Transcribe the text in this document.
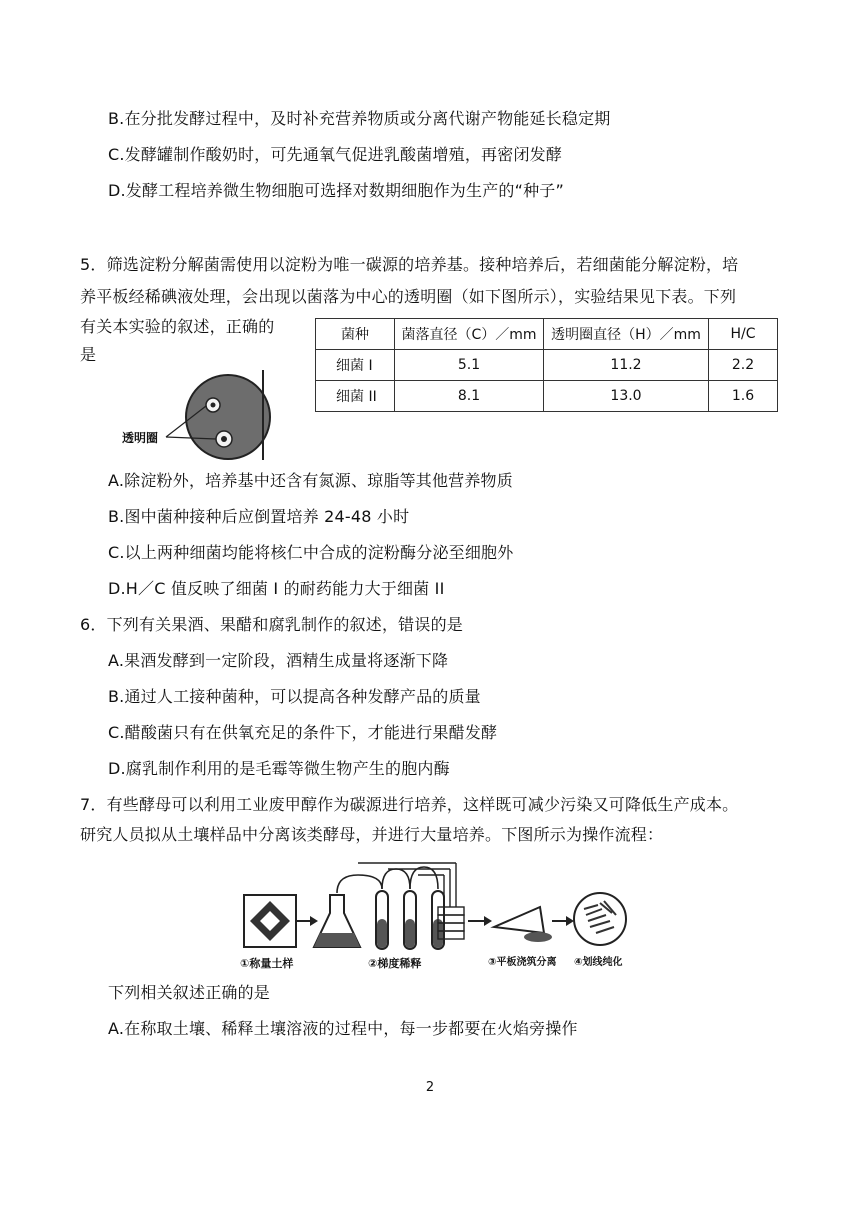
B.在分批发酵过程中，及时补充营养物质或分离代谢产物能延长稳定期
C.发酵罐制作酸奶时，可先通氧气促进乳酸菌增殖，再密闭发酵
D.发酵工程培养微生物细胞可选择对数期细胞作为生产的“种子”
5．筛选淀粉分解菌需使用以淀粉为唯一碳源的培养基。接种培养后，若细菌能分解淀粉，培
养平板经稀碘液处理，会出现以菌落为中心的透明圈（如下图所示），实验结果见下表。下列
有关本实验的叙述，正确的
是
透明圈
菌种	菌落直径（C）／mm	透明圈直径（H）／mm	H/C
细菌 I	5.1	11.2	2.2
细菌 II	8.1	13.0	1.6
A.除淀粉外，培养基中还含有氮源、琼脂等其他营养物质
B.图中菌种接种后应倒置培养 24-48 小时
C.以上两种细菌均能将核仁中合成的淀粉酶分泌至细胞外
D.H／C 值反映了细菌 I 的耐药能力大于细菌 II
6．下列有关果酒、果醋和腐乳制作的叙述，错误的是
A.果酒发酵到一定阶段，酒精生成量将逐渐下降
B.通过人工接种菌种，可以提高各种发酵产品的质量
C.醋酸菌只有在供氧充足的条件下，才能进行果醋发酵
D.腐乳制作利用的是毛霉等微生物产生的胞内酶
7．有些酵母可以利用工业废甲醇作为碳源进行培养，这样既可减少污染又可降低生产成本。
研究人员拟从土壤样品中分离该类酵母，并进行大量培养。下图所示为操作流程：
①称量土样	②梯度稀释	③平板浇筑分离 ④划线纯化
下列相关叙述正确的是
A.在称取土壤、稀释土壤溶液的过程中，每一步都要在火焰旁操作
2
